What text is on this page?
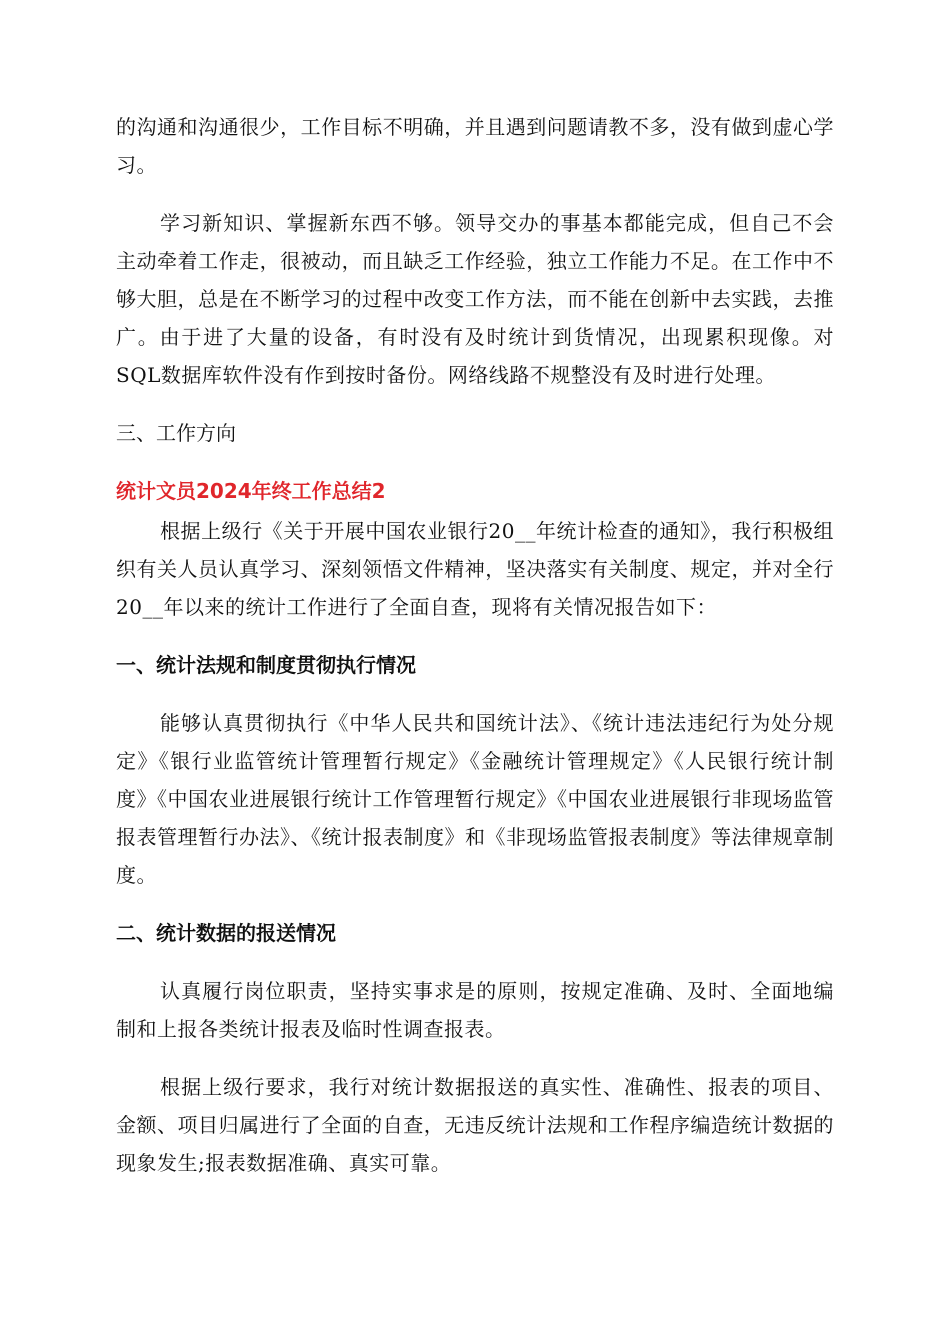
的沟通和沟通很少，工作目标不明确，并且遇到问题请教不多，没有做到虚心学习。

学习新知识、掌握新东西不够。领导交办的事基本都能完成，但自己不会主动牵着工作走，很被动，而且缺乏工作经验，独立工作能力不足。在工作中不够大胆，总是在不断学习的过程中改变工作方法，而不能在创新中去实践，去推广。由于进了大量的设备，有时没有及时统计到货情况，出现累积现像。对SQL数据库软件没有作到按时备份。网络线路不规整没有及时进行处理。

三、工作方向
统计文员2024年终工作总结2

根据上级行《关于开展中国农业银行20__年统计检查的通知》，我行积极组织有关人员认真学习、深刻领悟文件精神，坚决落实有关制度、规定，并对全行20__年以来的统计工作进行了全面自查，现将有关情况报告如下：

一、统计法规和制度贯彻执行情况

能够认真贯彻执行《中华人民共和国统计法》、《统计违法违纪行为处分规定》《银行业监管统计管理暂行规定》《金融统计管理规定》《人民银行统计制度》《中国农业进展银行统计工作管理暂行规定》《中国农业进展银行非现场监管报表管理暂行办法》、《统计报表制度》和《非现场监管报表制度》等法律规章制度。

二、统计数据的报送情况

认真履行岗位职责，坚持实事求是的原则，按规定准确、及时、全面地编制和上报各类统计报表及临时性调查报表。

根据上级行要求，我行对统计数据报送的真实性、准确性、报表的项目、金额、项目归属进行了全面的自查，无违反统计法规和工作程序编造统计数据的现象发生;报表数据准确、真实可靠。
